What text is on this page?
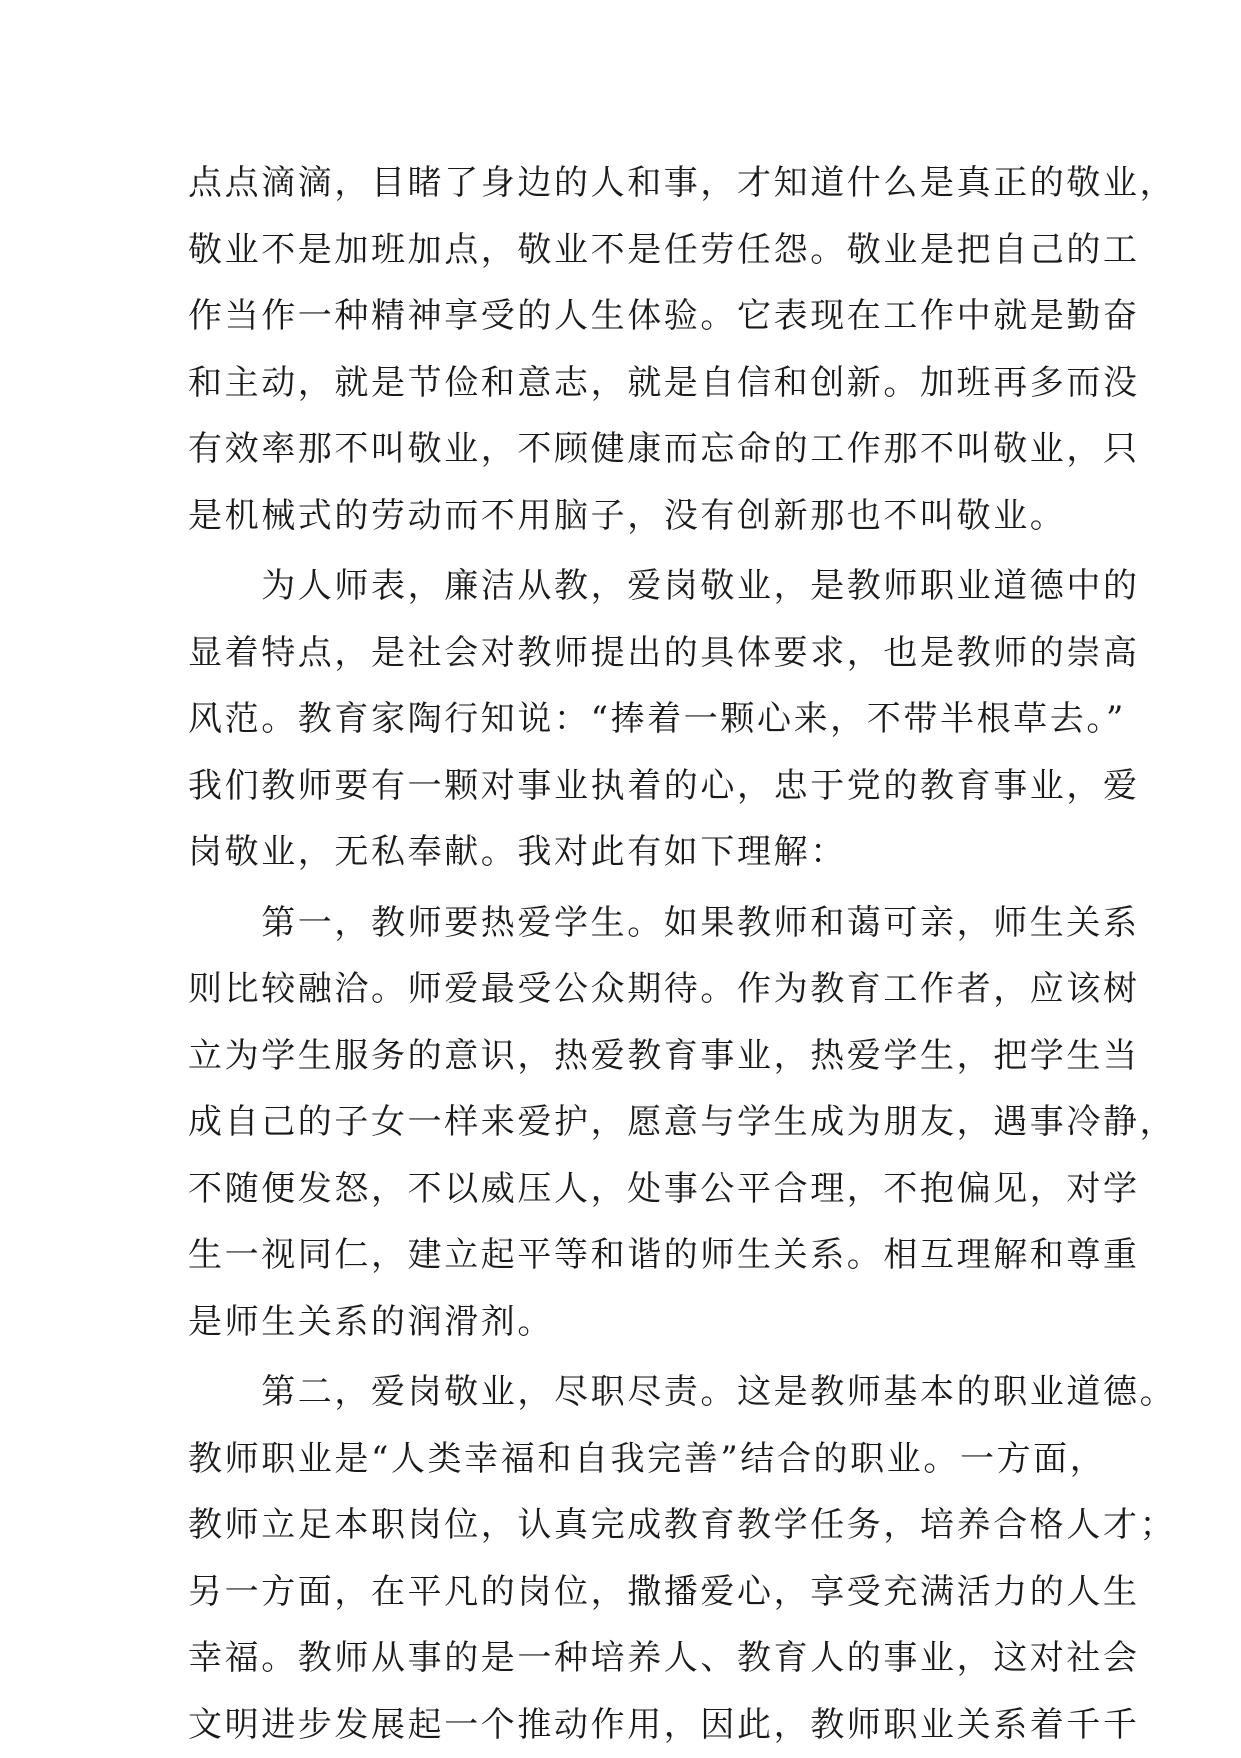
点点滴滴，目睹了身边的人和事，才知道什么是真正的敬业，
敬业不是加班加点，敬业不是任劳任怨。敬业是把自己的工
作当作一种精神享受的人生体验。它表现在工作中就是勤奋
和主动，就是节俭和意志，就是自信和创新。加班再多而没
有效率那不叫敬业，不顾健康而忘命的工作那不叫敬业，只
是机械式的劳动而不用脑子，没有创新那也不叫敬业。
　　为人师表，廉洁从教，爱岗敬业，是教师职业道德中的
显着特点，是社会对教师提出的具体要求，也是教师的崇高
风范。教育家陶行知说：“捧着一颗心来，不带半根草去。”
我们教师要有一颗对事业执着的心，忠于党的教育事业，爱
岗敬业，无私奉献。我对此有如下理解：
　　第一，教师要热爱学生。如果教师和蔼可亲，师生关系
则比较融洽。师爱最受公众期待。作为教育工作者，应该树
立为学生服务的意识，热爱教育事业，热爱学生，把学生当
成自己的子女一样来爱护，愿意与学生成为朋友，遇事冷静，
不随便发怒，不以威压人，处事公平合理，不抱偏见，对学
生一视同仁，建立起平等和谐的师生关系。相互理解和尊重
是师生关系的润滑剂。
　　第二，爱岗敬业，尽职尽责。这是教师基本的职业道德。
教师职业是“人类幸福和自我完善”结合的职业。一方面，
教师立足本职岗位，认真完成教育教学任务，培养合格人才；
另一方面，在平凡的岗位，撒播爱心，享受充满活力的人生
幸福。教师从事的是一种培养人、教育人的事业，这对社会
文明进步发展起一个推动作用，因此，教师职业关系着千千
